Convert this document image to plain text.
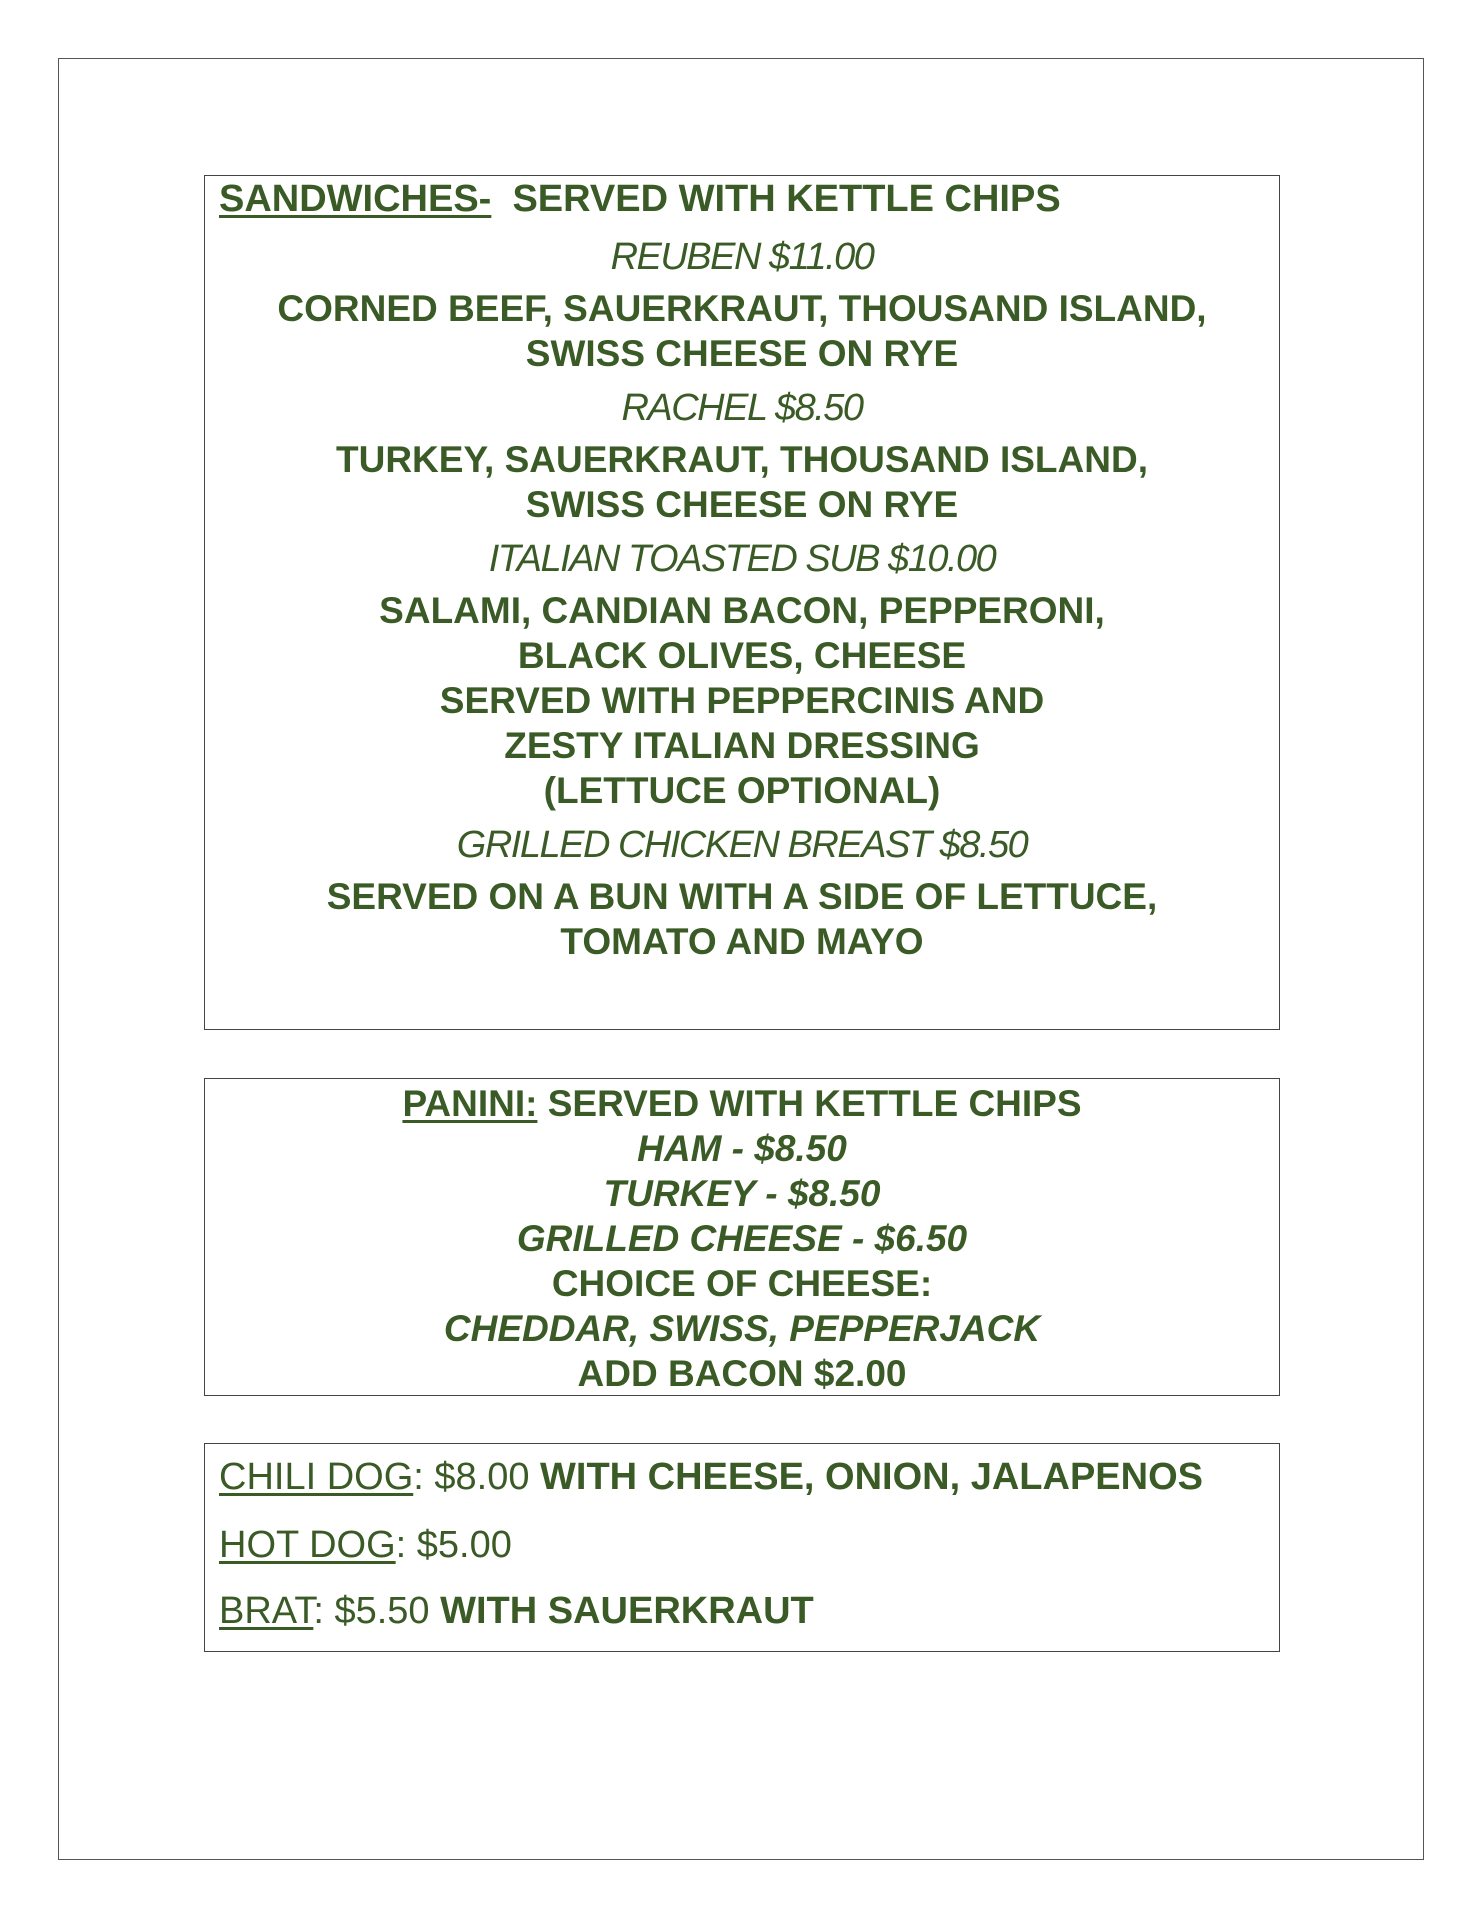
SANDWICHES-  SERVED WITH KETTLE CHIPS
REUBEN $11.00
CORNED BEEF, SAUERKRAUT, THOUSAND ISLAND,
SWISS CHEESE ON RYE
RACHEL $8.50
TURKEY, SAUERKRAUT, THOUSAND ISLAND,
SWISS CHEESE ON RYE
ITALIAN TOASTED SUB $10.00
SALAMI, CANDIAN BACON, PEPPERONI,
BLACK OLIVES, CHEESE
SERVED WITH PEPPERCINIS AND
ZESTY ITALIAN DRESSING
(LETTUCE OPTIONAL)
GRILLED CHICKEN BREAST $8.50
SERVED ON A BUN WITH A SIDE OF LETTUCE,
TOMATO AND MAYO
PANINI: SERVED WITH KETTLE CHIPS
HAM - $8.50
TURKEY - $8.50
GRILLED CHEESE - $6.50
CHOICE OF CHEESE:
CHEDDAR, SWISS, PEPPERJACK
ADD BACON $2.00
CHILI DOG: $8.00 WITH CHEESE, ONION, JALAPENOS
HOT DOG: $5.00
BRAT: $5.50 WITH SAUERKRAUT
